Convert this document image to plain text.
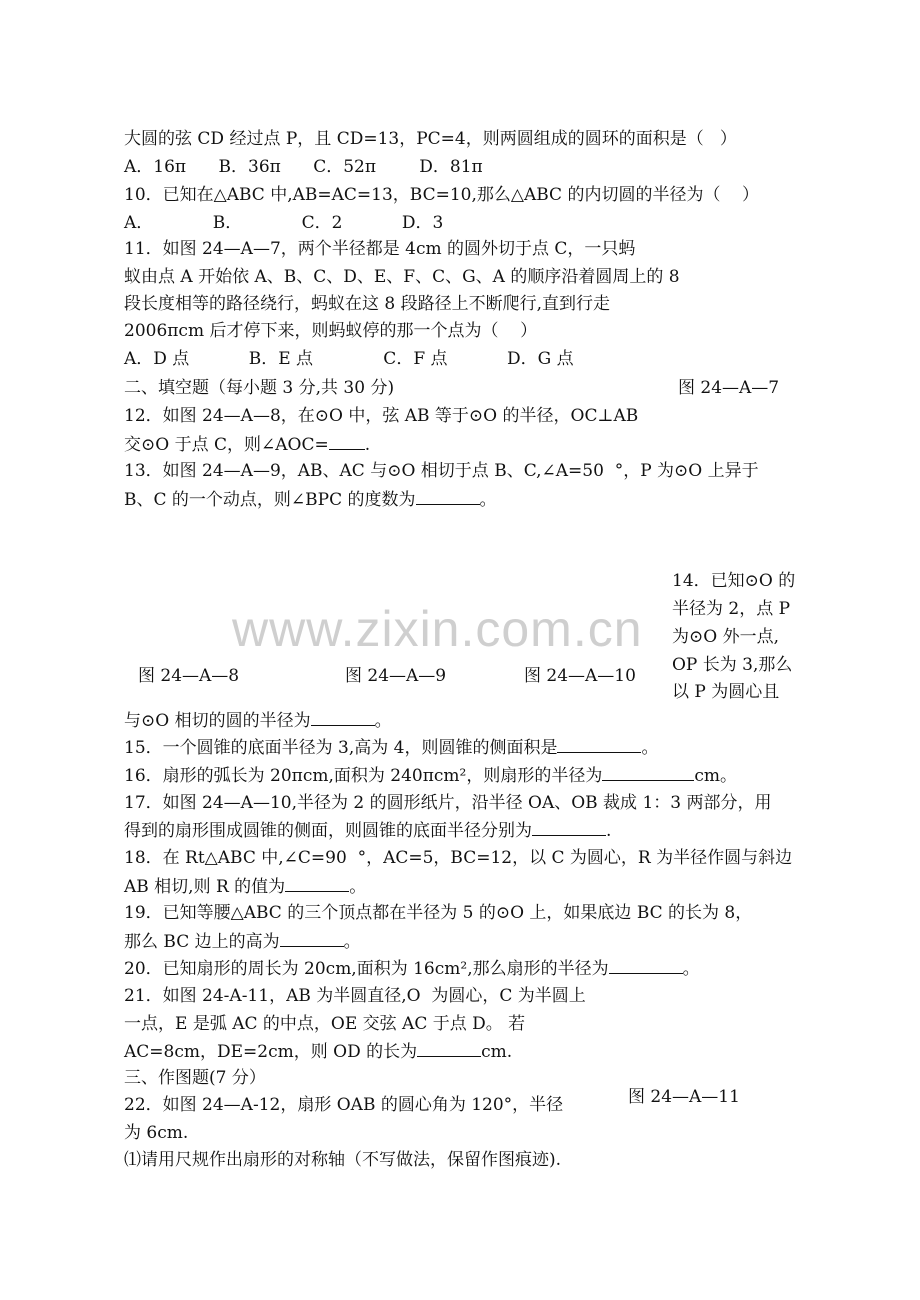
www.zixin.com.cn
大圆的弦 CD 经过点 P，且 CD=13，PC=4，则两圆组成的圆环的面积是（   ）
A．16π      B．36π      C．52π        D．81π
10．已知在△ABC 中,AB=AC=13，BC=10,那么△ABC 的内切圆的半径为（    ）
A．           B．           C．2           D．3
11．如图 24—A—7，两个半径都是 4cm 的圆外切于点 C，一只蚂
蚁由点 A 开始依 A、B、C、D、E、F、C、G、A 的顺序沿着圆周上的 8
段长度相等的路径绕行，蚂蚁在这 8 段路径上不断爬行,直到行走
2006πcm 后才停下来，则蚂蚁停的那一个点为（    ）
A．D 点           B．E 点             C．F 点           D．G 点
二、填空题（每小题 3 分,共 30 分)	图 24—A—7
12．如图 24—A—8，在⊙O 中，弦 AB 等于⊙O 的半径，OC⊥AB
交⊙O 于点 C，则∠AOC= .
13．如图 24—A—9，AB、AC 与⊙O 相切于点 B、C,∠A=50  °，P 为⊙O 上异于
B、C 的一个动点，则∠BPC 的度数为	。
14．已知⊙O 的
半径为 2，点 P
为⊙O 外一点,
OP 长为 3,那么
以 P 为圆心且
图 24—A—8	图 24—A—9	图 24—A—10
与⊙O 相切的圆的半径为	。
15．一个圆锥的底面半径为 3,高为 4，则圆锥的侧面积是	。
16．扇形的弧长为 20πcm,面积为 240πcm²，则扇形的半径为	cm。
17．如图 24—A—10,半径为 2 的圆形纸片，沿半径 OA、OB 裁成 1：3 两部分，用
得到的扇形围成圆锥的侧面，则圆锥的底面半径分别为	.
18．在 Rt△ABC 中,∠C=90  °，AC=5，BC=12，以 C 为圆心，R 为半径作圆与斜边
AB 相切,则 R 的值为	。
19．已知等腰△ABC 的三个顶点都在半径为 5 的⊙O 上，如果底边 BC 的长为 8，
那么 BC 边上的高为	。
20．已知扇形的周长为 20cm,面积为 16cm²,那么扇形的半径为	。
21．如图 24-A-11，AB 为半圆直径,O  为圆心，C 为半圆上
一点，E 是弧 AC 的中点，OE 交弦 AC 于点 D。 若
AC=8cm，DE=2cm，则 OD 的长为	cm.
三、作图题(7 分）
22．如图 24—A-12，扇形 OAB 的圆心角为 120°，半径	图 24—A—11
为 6cm.
⑴请用尺规作出扇形的对称轴（不写做法，保留作图痕迹).
